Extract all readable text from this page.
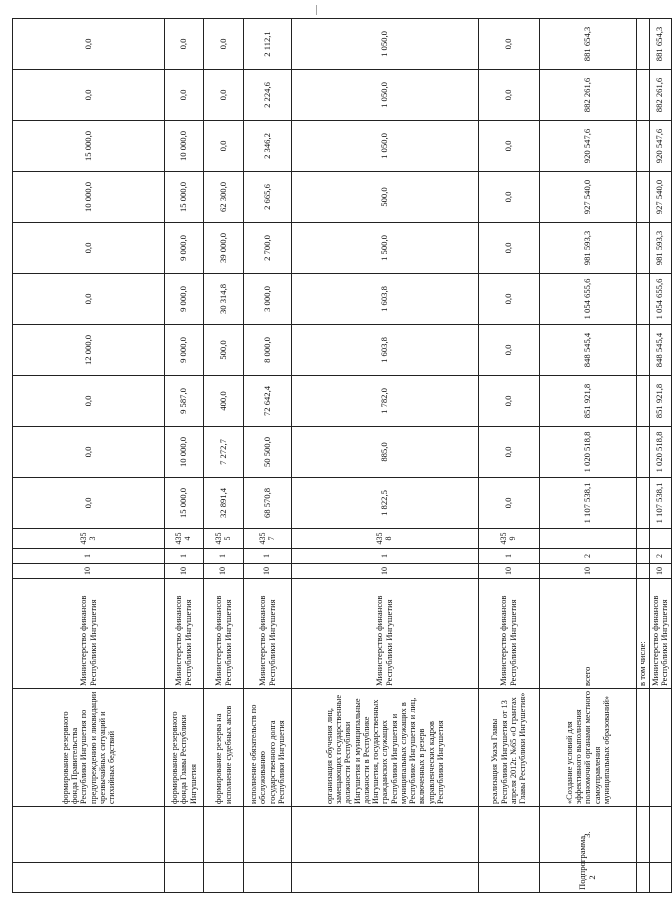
		формирование резервного фонда Правительства Республики Ингушетия по предупреждению и ликвидации чрезвычайных ситуаций и стихийных бедствий	Министерство финансов Республики Ингушетия	10	1	435 3	0,0	0,0	0,0	12 000,0	0,0	0,0	10 000,0	15 000,0	0,0	0,0
		формирование резервного фонда Главы Республики Ингушетия	Министерство финансов Республики Ингушетия	10	1	435 4	15 000,0	10 000,0	9 587,0	9 000,0	9 000,0	9 000,0	15 000,0	10 000,0	0,0	0,0
		формирование резерва на исполнение судебных актов	Министерство финансов Республики Ингушетия	10	1	435 5	32 891,4	7 272,7	400,0	500,0	30 314,8	39 000,0	62 300,0	0,0	0,0	0,0
		исполнение обязательств по обслуживанию государственного долга Республики Ингушетия	Министерство финансов Республики Ингушетия	10	1	435 7	68 570,8	50 500,0	72 642,4	8 000,0	3 000,0	2 700,0	2 665,6	2 346,2	2 224,6	2 112,1
		организация обучения лиц, замещающих государственные должности Республики Ингушетия и муниципальные должности в Республике Ингушетия, государственных гражданских служащих Республики Ингушетия и муниципальных служащих в Республике Ингушетия и лиц, включенных в резерв управленческих кадров Республики Ингушетия	Министерство финансов Республики Ингушетия	10	1	435 8	1 822,5	885,0	1 782,0	1 603,8	1 603,8	1 500,0	500,0	1 050,0	1 050,0	1 050,0
		реализация Указа Главы Республики Ингушетия от 13 апреля 2012г. №65 «О грантах Главы Республики Ингушетия»	Министерство финансов Республики Ингушетия	10	1	435 9	0,0	0,0	0,0	0,0	0,0	0,0	0,0	0,0	0,0	0,0
Подпрограмма 2	3.	«Создание условий для эффективного выполнения полномочий органами местного самоуправления муниципальных образований»	всего	10	2		1 107 538,1	1 020 518,8	851 921,8	848 545,4	1 054 655,6	981 593,3	927 540,0	920 547,6	882 261,6	881 654,3
			в том числе:													
			Министерство финансов Республики Ингушетия	10	2		1 107 538,1	1 020 518,8	851 921,8	848 545,4	1 054 655,6	981 593,3	927 540,0	920 547,6	882 261,6	881 654,3
.....
